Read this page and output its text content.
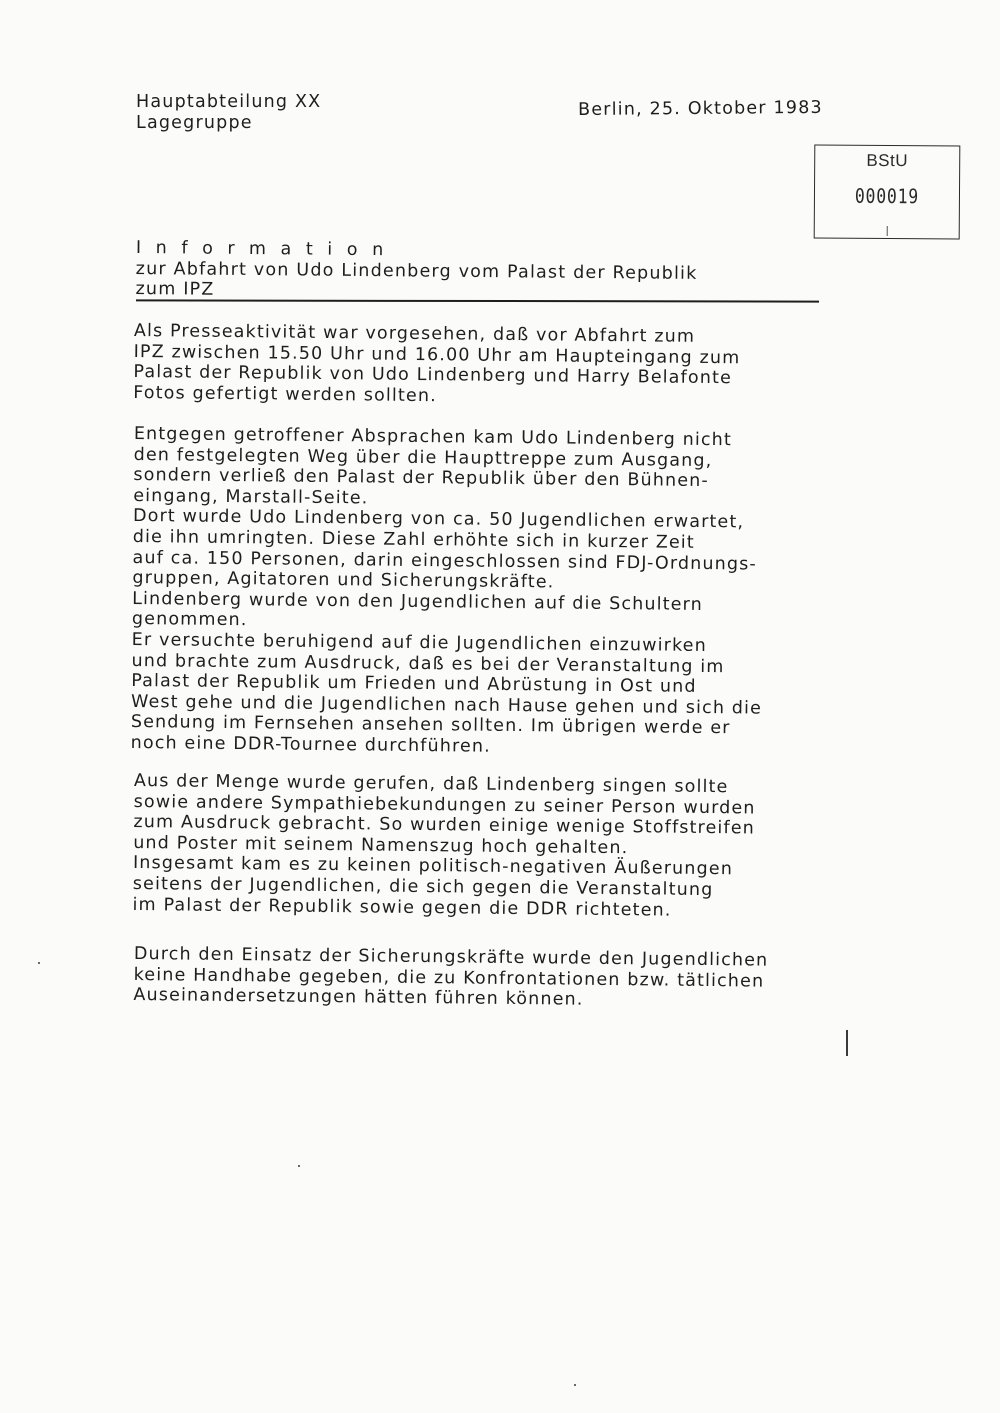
Hauptabteilung XX
Lagegruppe
Berlin, 25. Oktober 1983
BStU
000019
Information
zur Abfahrt von Udo Lindenberg vom Palast der Republik
zum IPZ
Als Presseaktivität war vorgesehen, daß vor Abfahrt zum
IPZ zwischen 15.50 Uhr und 16.00 Uhr am Haupteingang zum
Palast der Republik von Udo Lindenberg und Harry Belafonte
Fotos gefertigt werden sollten.
Entgegen getroffener Absprachen kam Udo Lindenberg nicht
den festgelegten Weg über die Haupttreppe zum Ausgang,
sondern verließ den Palast der Republik über den Bühnen-
eingang, Marstall-Seite.
Dort wurde Udo Lindenberg von ca. 50 Jugendlichen erwartet,
die ihn umringten. Diese Zahl erhöhte sich in kurzer Zeit
auf ca. 150 Personen, darin eingeschlossen sind FDJ-Ordnungs-
gruppen, Agitatoren und Sicherungskräfte.
Lindenberg wurde von den Jugendlichen auf die Schultern
genommen.
Er versuchte beruhigend auf die Jugendlichen einzuwirken
und brachte zum Ausdruck, daß es bei der Veranstaltung im
Palast der Republik um Frieden und Abrüstung in Ost und
West gehe und die Jugendlichen nach Hause gehen und sich die
Sendung im Fernsehen ansehen sollten. Im übrigen werde er
noch eine DDR-Tournee durchführen.
Aus der Menge wurde gerufen, daß Lindenberg singen sollte
sowie andere Sympathiebekundungen zu seiner Person wurden
zum Ausdruck gebracht. So wurden einige wenige Stoffstreifen
und Poster mit seinem Namenszug hoch gehalten.
Insgesamt kam es zu keinen politisch-negativen Äußerungen
seitens der Jugendlichen, die sich gegen die Veranstaltung
im Palast der Republik sowie gegen die DDR richteten.
Durch den Einsatz der Sicherungskräfte wurde den Jugendlichen
keine Handhabe gegeben, die zu Konfrontationen bzw. tätlichen
Auseinandersetzungen hätten führen können.
